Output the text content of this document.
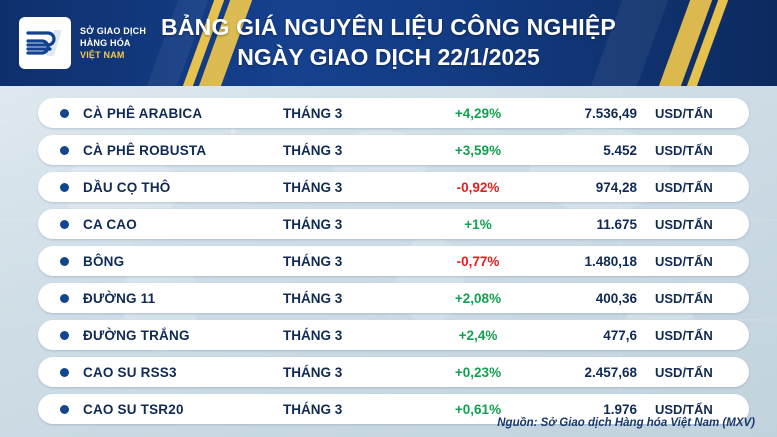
SỞ GIAO DỊCH
HÀNG HÓA
VIỆT NAM
BẢNG GIÁ NGUYÊN LIỆU CÔNG NGHIỆP
NGÀY GIAO DỊCH 22/1/2025
CÀ PHÊ ARABICA	THÁNG 3	+4,29%	7.536,49	USD/TẤN
CÀ PHÊ ROBUSTA	THÁNG 3	+3,59%	5.452	USD/TẤN
DẦU CỌ THÔ	THÁNG 3	-0,92%	974,28	USD/TẤN
CA CAO	THÁNG 3	+1%	11.675	USD/TẤN
BÔNG	THÁNG 3	-0,77%	1.480,18	USD/TẤN
ĐƯỜNG 11	THÁNG 3	+2,08%	400,36	USD/TẤN
ĐƯỜNG TRẮNG	THÁNG 3	+2,4%	477,6	USD/TẤN
CAO SU RSS3	THÁNG 3	+0,23%	2.457,68	USD/TẤN
CAO SU TSR20	THÁNG 3	+0,61%	1.976	USD/TẤN
Nguồn: Sở Giao dịch Hàng hóa Việt Nam (MXV)
